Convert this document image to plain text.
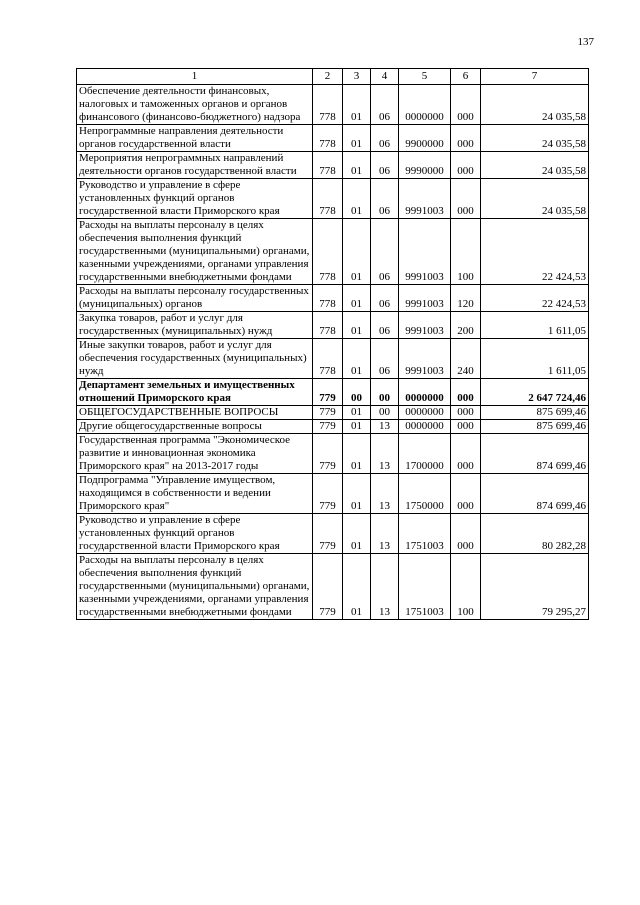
137
1	2	3	4	5	6	7
Обеспечение деятельности финансовых, налоговых и таможенных органов и органов финансового (финансово-бюджетного) надзора	778	01	06	0000000	000	24 035,58
Непрограммные направления деятельности органов государственной власти	778	01	06	9900000	000	24 035,58
Мероприятия непрограммных направлений деятельности органов государственной власти	778	01	06	9990000	000	24 035,58
Руководство и управление в сфере установленных функций органов государственной власти Приморского края	778	01	06	9991003	000	24 035,58
Расходы на выплаты персоналу в целях обеспечения выполнения функций государственными (муниципальными) органами, казенными учреждениями, органами управления государственными внебюджетными фондами	778	01	06	9991003	100	22 424,53
Расходы на выплаты персоналу государственных (муниципальных) органов	778	01	06	9991003	120	22 424,53
Закупка товаров, работ и услуг для государственных (муниципальных) нужд	778	01	06	9991003	200	1 611,05
Иные закупки товаров, работ и услуг для обеспечения государственных (муниципальных) нужд	778	01	06	9991003	240	1 611,05
Департамент земельных и имущественных отношений Приморского края	779	00	00	0000000	000	2 647 724,46
ОБЩЕГОСУДАРСТВЕННЫЕ ВОПРОСЫ	779	01	00	0000000	000	875 699,46
Другие общегосударственные вопросы	779	01	13	0000000	000	875 699,46
Государственная программа "Экономическое развитие и инновационная экономика Приморского края" на 2013-2017 годы	779	01	13	1700000	000	874 699,46
Подпрограмма "Управление имуществом, находящимся в собственности и ведении Приморского края"	779	01	13	1750000	000	874 699,46
Руководство и управление в сфере установленных функций органов государственной власти Приморского края	779	01	13	1751003	000	80 282,28
Расходы на выплаты персоналу в целях обеспечения выполнения функций государственными (муниципальными) органами, казенными учреждениями, органами управления государственными внебюджетными фондами	779	01	13	1751003	100	79 295,27
